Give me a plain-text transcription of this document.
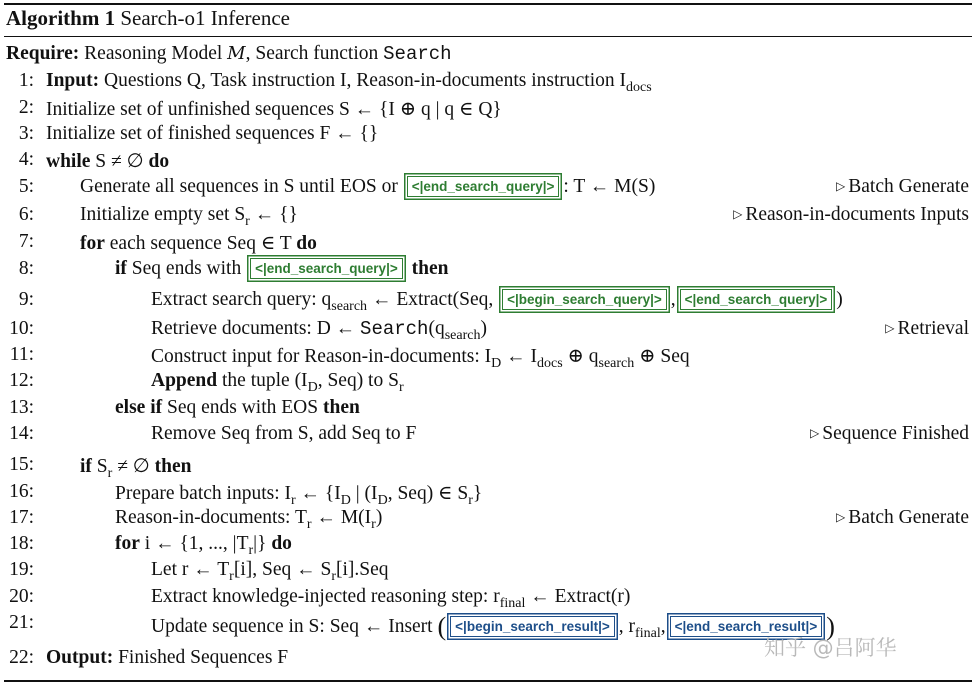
Algorithm 1 Search-o1 Inference
Require: Reasoning Model M, Search function Search
1: Input: Questions Q, Task instruction I, Reason-in-documents instruction $I_{docs}$
2: Initialize set of unfinished sequences S ← {I ⊕ q | q ∈ Q}
3: Initialize set of finished sequences F ← {}
4: while S ≠ ∅ do
5: Generate all sequences in S until EOS or <|end_search_query|> : T ← M(S)	▷ Batch Generate
6: Initialize empty set $S_r$ ← {}	▷ Reason-in-documents Inputs
7: for each sequence Seq ∈ T do
8:	if Seq ends with <|end_search_query|> then
9:	Extract search query: $q_{search}$ ← Extract(Seq, <|begin_search_query|> , <|end_search_query|> )
10:	Retrieve documents: D ← $Search(q_{search})$	▷ Retrieval
11:	Construct input for Reason-in-documents: $I_D$ ← $I_{docs}$ ⊕ $q_{search}$ ⊕ Seq
12:	Append the tuple ($I_D$, Seq) to $S_r$
13:	else if Seq ends with EOS then
14:	Remove Seq from S, add Seq to F	▷ Sequence Finished
15: if $S_r$ ≠ ∅ then
16:	Prepare batch inputs: $I_r$ ← {$I_D$ | ($I_D$, Seq) ∈ $S_r$}
17:	Reason-in-documents: $T_r$ ← $M(I_r)$	▷ Batch Generate
18:	for i ← {1, ..., $|T_r|$} do
19:	Let r ← $T_r[i]$, Seq ← $S_r[i].Seq$
20:	Extract knowledge-injected reasoning step: $r_{final}$ ← Extract(r)
21:	Update sequence in S: Seq ← Insert ( <|begin_search_result|> , $r_{final}$, <|end_search_result|> )
22: Output: Finished Sequences F	知乎 @吕阿华
